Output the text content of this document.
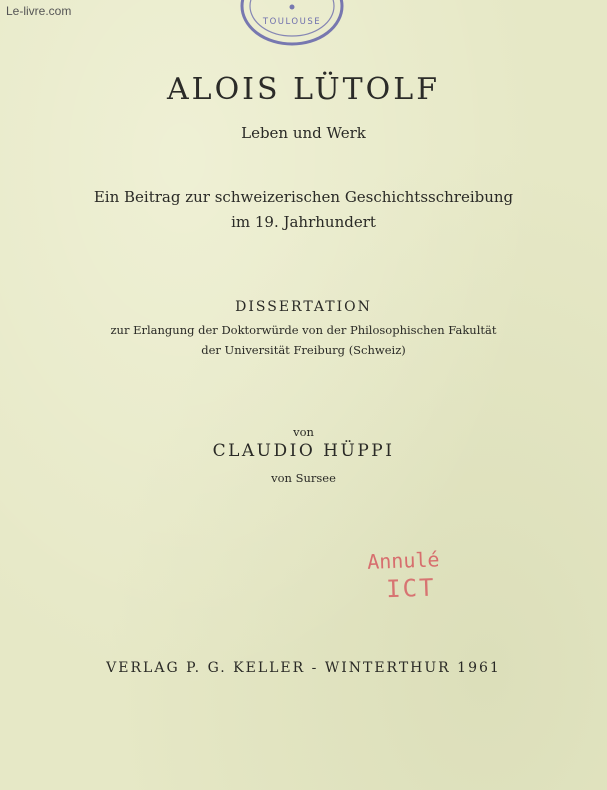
Le-livre.com
TOULOUSE
ALOIS LÜTOLF
Leben und Werk
Ein Beitrag zur schweizerischen Geschichtsschreibung
im 19. Jahrhundert
DISSERTATION
zur Erlangung der Doktorwürde von der Philosophischen Fakultät
der Universität Freiburg (Schweiz)
von
CLAUDIO HÜPPI
von Sursee
Annulé
ICT
VERLAG P. G. KELLER - WINTERTHUR 1961
